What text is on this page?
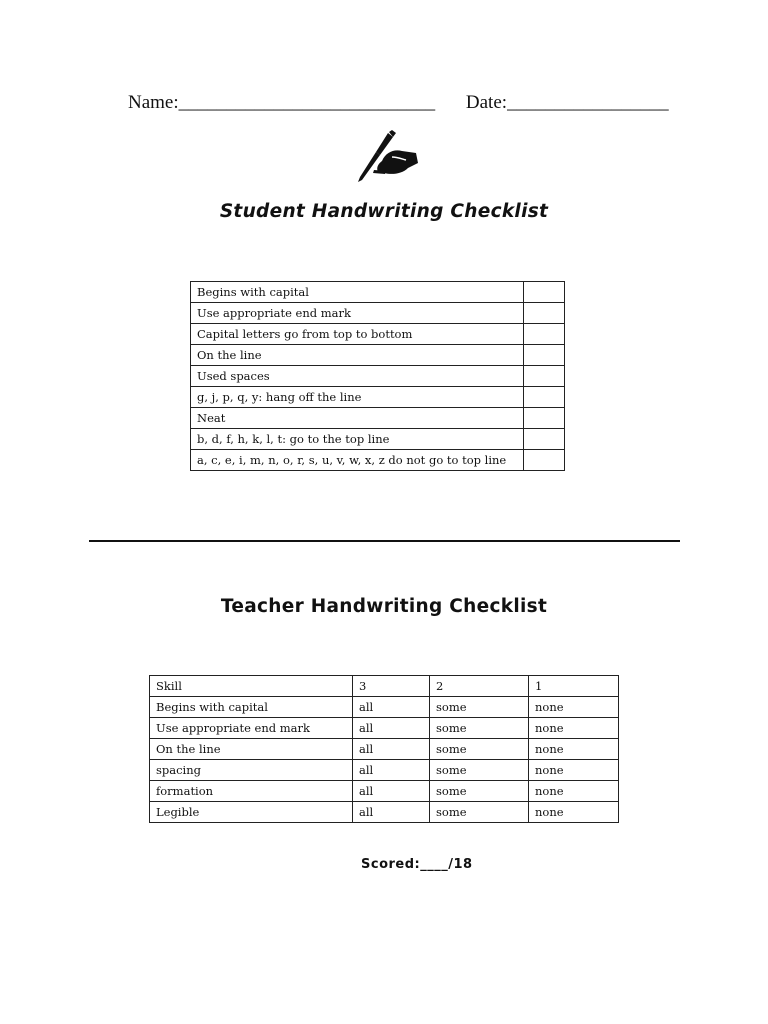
Name:___________________________ Date:_________________
Student Handwriting Checklist
Begins with capital	
Use appropriate end mark	
Capital letters go from top to bottom	
On the line	
Used spaces	
g, j, p, q, y: hang off the line	
Neat	
b, d, f, h, k, l, t: go to the top line	
a, c, e, i, m, n, o, r, s, u, v, w, x, z do not go to top line	
Teacher Handwriting Checklist
Skill	3	2	1
Begins with capital	all	some	none
Use appropriate end mark	all	some	none
On the line	all	some	none
spacing	all	some	none
formation	all	some	none
Legible	all	some	none
Scored:____/18
